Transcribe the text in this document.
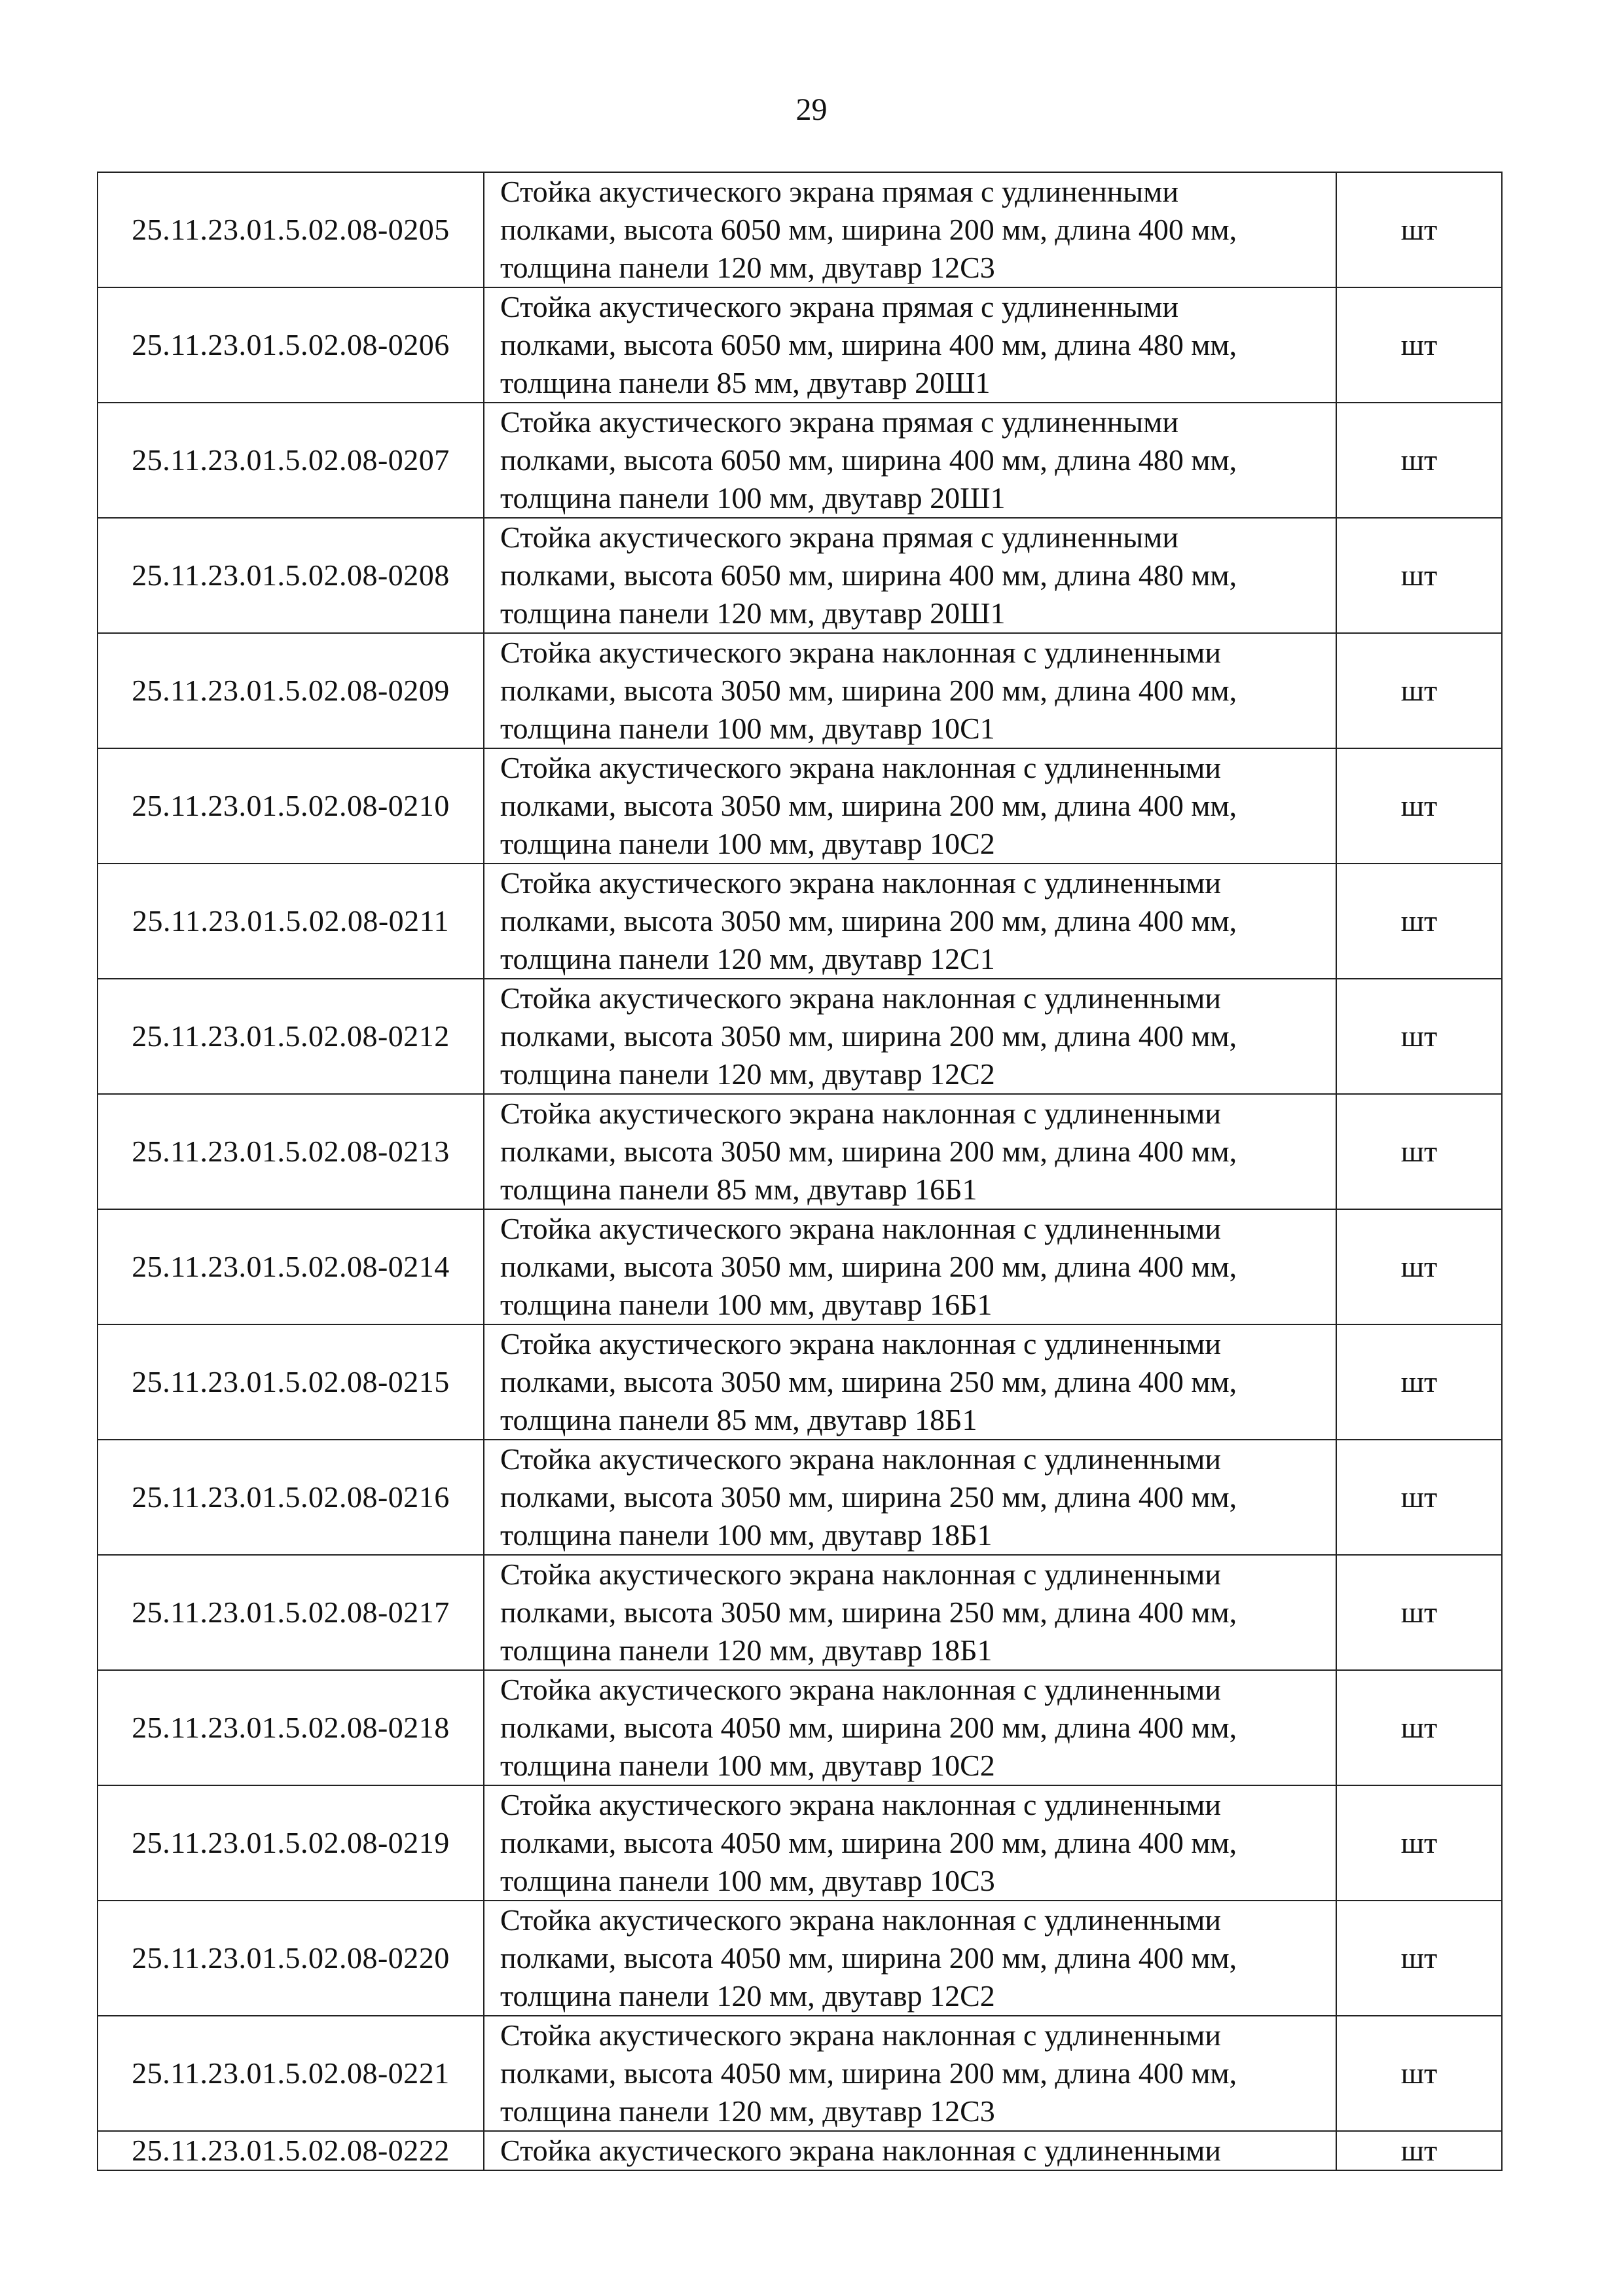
29
25.11.23.01.5.02.08-0205	Стойка акустического экрана прямая с удлиненными
полками, высота 6050 мм, ширина 200 мм, длина 400 мм,
толщина панели 120 мм, двутавр 12С3	шт
25.11.23.01.5.02.08-0206	Стойка акустического экрана прямая с удлиненными
полками, высота 6050 мм, ширина 400 мм, длина 480 мм,
толщина панели 85 мм, двутавр 20Ш1	шт
25.11.23.01.5.02.08-0207	Стойка акустического экрана прямая с удлиненными
полками, высота 6050 мм, ширина 400 мм, длина 480 мм,
толщина панели 100 мм, двутавр 20Ш1	шт
25.11.23.01.5.02.08-0208	Стойка акустического экрана прямая с удлиненными
полками, высота 6050 мм, ширина 400 мм, длина 480 мм,
толщина панели 120 мм, двутавр 20Ш1	шт
25.11.23.01.5.02.08-0209	Стойка акустического экрана наклонная с удлиненными
полками, высота 3050 мм, ширина 200 мм, длина 400 мм,
толщина панели 100 мм, двутавр 10С1	шт
25.11.23.01.5.02.08-0210	Стойка акустического экрана наклонная с удлиненными
полками, высота 3050 мм, ширина 200 мм, длина 400 мм,
толщина панели 100 мм, двутавр 10С2	шт
25.11.23.01.5.02.08-0211	Стойка акустического экрана наклонная с удлиненными
полками, высота 3050 мм, ширина 200 мм, длина 400 мм,
толщина панели 120 мм, двутавр 12С1	шт
25.11.23.01.5.02.08-0212	Стойка акустического экрана наклонная с удлиненными
полками, высота 3050 мм, ширина 200 мм, длина 400 мм,
толщина панели 120 мм, двутавр 12С2	шт
25.11.23.01.5.02.08-0213	Стойка акустического экрана наклонная с удлиненными
полками, высота 3050 мм, ширина 200 мм, длина 400 мм,
толщина панели 85 мм, двутавр 16Б1	шт
25.11.23.01.5.02.08-0214	Стойка акустического экрана наклонная с удлиненными
полками, высота 3050 мм, ширина 200 мм, длина 400 мм,
толщина панели 100 мм, двутавр 16Б1	шт
25.11.23.01.5.02.08-0215	Стойка акустического экрана наклонная с удлиненными
полками, высота 3050 мм, ширина 250 мм, длина 400 мм,
толщина панели 85 мм, двутавр 18Б1	шт
25.11.23.01.5.02.08-0216	Стойка акустического экрана наклонная с удлиненными
полками, высота 3050 мм, ширина 250 мм, длина 400 мм,
толщина панели 100 мм, двутавр 18Б1	шт
25.11.23.01.5.02.08-0217	Стойка акустического экрана наклонная с удлиненными
полками, высота 3050 мм, ширина 250 мм, длина 400 мм,
толщина панели 120 мм, двутавр 18Б1	шт
25.11.23.01.5.02.08-0218	Стойка акустического экрана наклонная с удлиненными
полками, высота 4050 мм, ширина 200 мм, длина 400 мм,
толщина панели 100 мм, двутавр 10С2	шт
25.11.23.01.5.02.08-0219	Стойка акустического экрана наклонная с удлиненными
полками, высота 4050 мм, ширина 200 мм, длина 400 мм,
толщина панели 100 мм, двутавр 10С3	шт
25.11.23.01.5.02.08-0220	Стойка акустического экрана наклонная с удлиненными
полками, высота 4050 мм, ширина 200 мм, длина 400 мм,
толщина панели 120 мм, двутавр 12С2	шт
25.11.23.01.5.02.08-0221	Стойка акустического экрана наклонная с удлиненными
полками, высота 4050 мм, ширина 200 мм, длина 400 мм,
толщина панели 120 мм, двутавр 12С3	шт
25.11.23.01.5.02.08-0222	Стойка акустического экрана наклонная с удлиненными	шт
